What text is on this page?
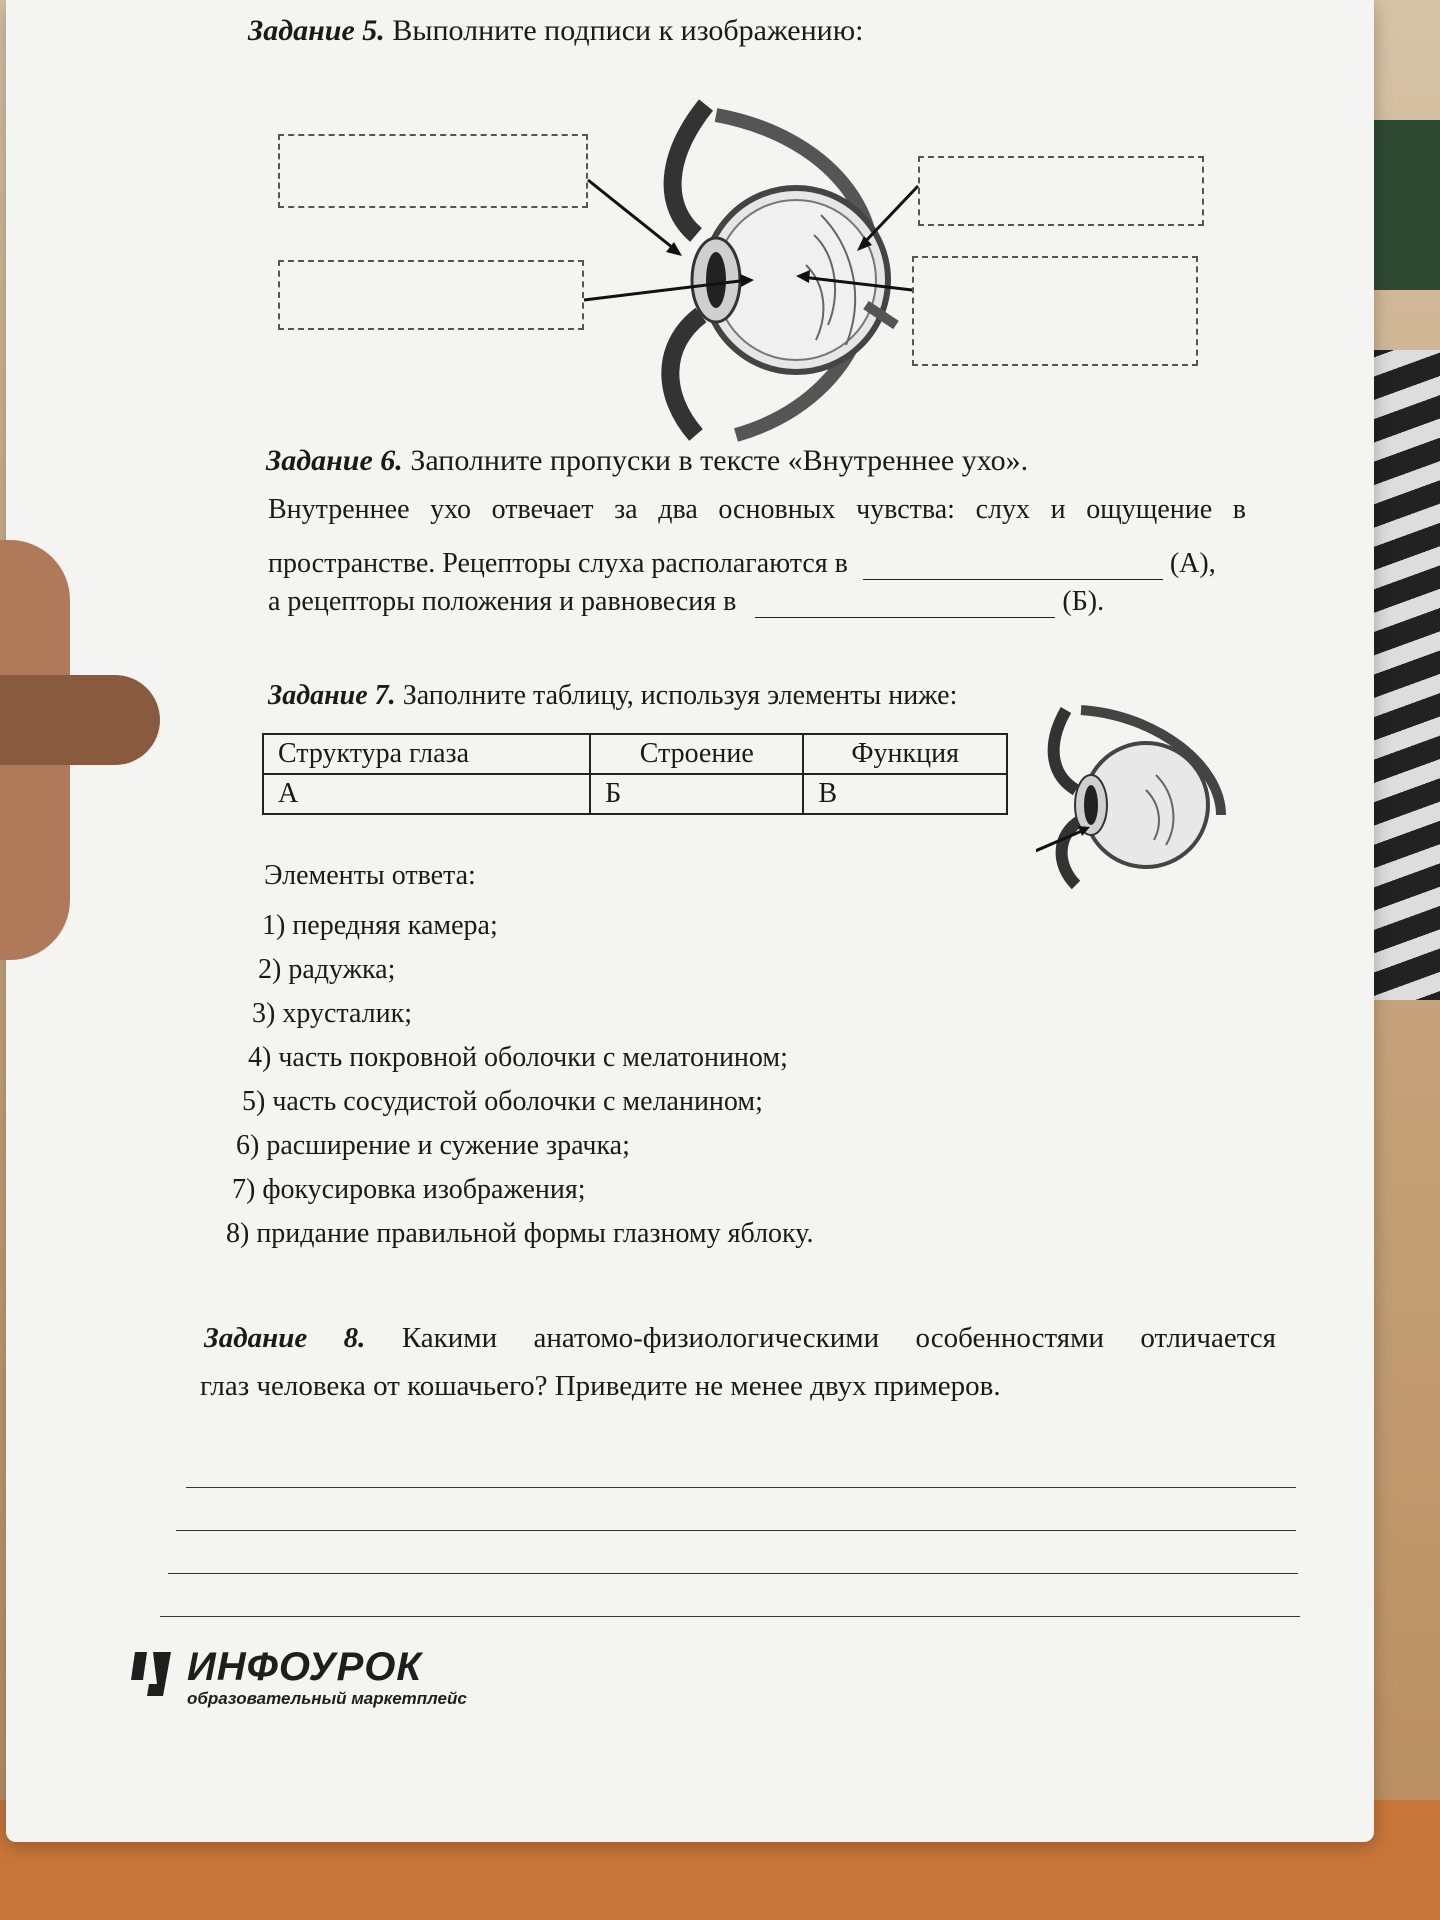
Задание 5. Выполните подписи к изображению:
Задание 6. Заполните пропуски в тексте «Внутреннее ухо».
Внутреннее ухо отвечает за два основных чувства: слух и ощущение в
пространстве. Рецепторы слуха располагаются в	(А),
а рецепторы положения и равновесия в	(Б).
Задание 7. Заполните таблицу, используя элементы ниже:
Структура глаза	Строение	Функция
А	Б	В
Элементы ответа:
1) передняя камера;
2) радужка;
3) хрусталик;
4) часть покровной оболочки с мелатонином;
5) часть сосудистой оболочки с меланином;
6) расширение и сужение зрачка;
7) фокусировка изображения;
8) придание правильной формы глазному яблоку.
Задание 8. Какими анатомо-физиологическими особенностями отличается
глаз человека от кошачьего? Приведите не менее двух примеров.
ИНФОУРОК
образовательный маркетплейс
